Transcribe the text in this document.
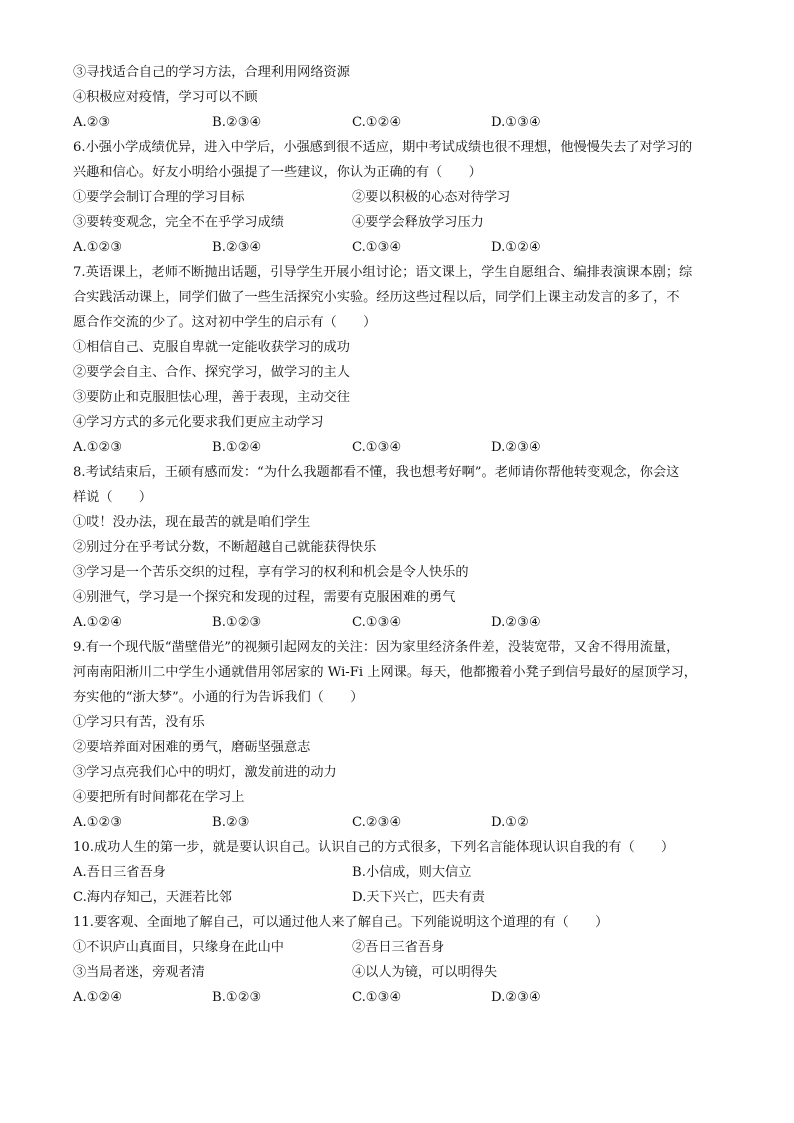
③寻找适合自己的学习方法，合理利用网络资源
④积极应对疫情，学习可以不顾
A.②③	B.②③④	C.①②④	D.①③④
6.小强小学成绩优异，进入中学后，小强感到很不适应，期中考试成绩也很不理想，他慢慢失去了对学习的
兴趣和信心。好友小明给小强提了一些建议，你认为正确的有（　　）
①要学会制订合理的学习目标	②要以积极的心态对待学习
③要转变观念，完全不在乎学习成绩	④要学会释放学习压力
A.①②③	B.②③④	C.①③④	D.①②④
7.英语课上，老师不断抛出话题，引导学生开展小组讨论；语文课上，学生自愿组合、编排表演课本剧；综
合实践活动课上，同学们做了一些生活探究小实验。经历这些过程以后，同学们上课主动发言的多了，不
愿合作交流的少了。这对初中学生的启示有（　　）
①相信自己、克服自卑就一定能收获学习的成功
②要学会自主、合作、探究学习，做学习的主人
③要防止和克服胆怯心理，善于表现，主动交往
④学习方式的多元化要求我们更应主动学习
A.①②③	B.①②④	C.①③④	D.②③④
8.考试结束后，王硕有感而发：“为什么我题都看不懂，我也想考好啊”。老师请你帮他转变观念，你会这
样说（　　）
①哎！没办法，现在最苦的就是咱们学生
②别过分在乎考试分数，不断超越自己就能获得快乐
③学习是一个苦乐交织的过程，享有学习的权利和机会是令人快乐的
④别泄气，学习是一个探究和发现的过程，需要有克服困难的勇气
A.①②④	B.①②③	C.①③④	D.②③④
9.有一个现代版“凿壁借光”的视频引起网友的关注：因为家里经济条件差，没装宽带，又舍不得用流量，
河南南阳淅川二中学生小通就借用邻居家的 Wi-Fi 上网课。每天，他都搬着小凳子到信号最好的屋顶学习，
夯实他的“浙大梦”。小通的行为告诉我们（　　）
①学习只有苦，没有乐
②要培养面对困难的勇气，磨砺坚强意志
③学习点亮我们心中的明灯，激发前进的动力
④要把所有时间都花在学习上
A.①②③	B.②③	C.②③④	D.①②
10.成功人生的第一步，就是要认识自己。认识自己的方式很多，下列名言能体现认识自我的有（　　）
A.吾日三省吾身	B.小信成，则大信立
C.海内存知己，天涯若比邻	D.天下兴亡，匹夫有责
11.要客观、全面地了解自己，可以通过他人来了解自己。下列能说明这个道理的有（　　）
①不识庐山真面目，只缘身在此山中	②吾日三省吾身
③当局者迷，旁观者清	④以人为镜，可以明得失
A.①②④	B.①②③	C.①③④	D.②③④
